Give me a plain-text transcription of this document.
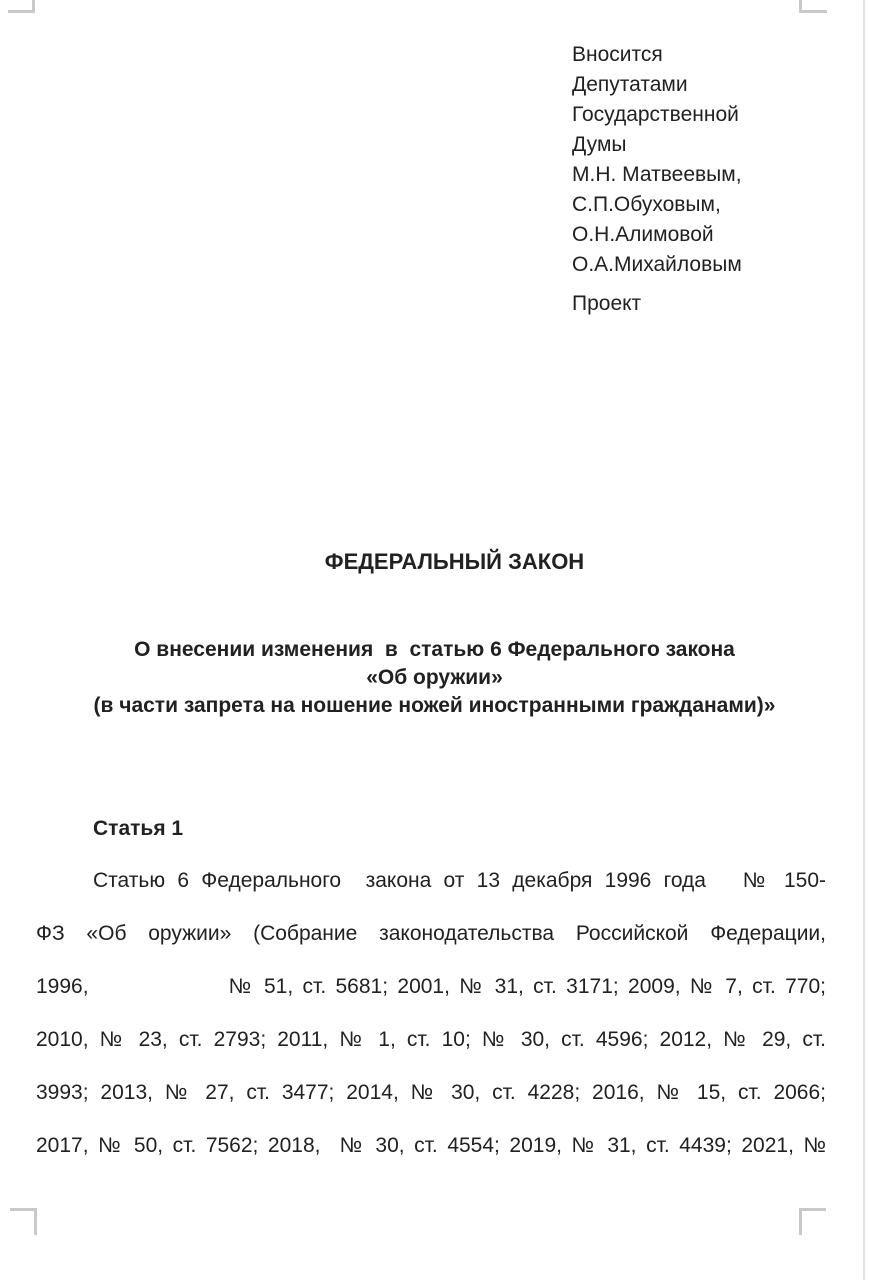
Вносится
Депутатами
Государственной
Думы
М.Н. Матвеевым,
С.П.Обуховым,
О.Н.Алимовой
О.А.Михайловым
Проект
ФЕДЕРАЛЬНЫЙ ЗАКОН
О внесении изменения  в  статью 6 Федерального закона
«Об оружии»
(в части запрета на ношение ножей иностранными гражданами)»
Статья 1
Статью 6 Федерального  закона от 13 декабря 1996 года   № 150-
ФЗ «Об оружии» (Собрание законодательства Российской Федерации,
1996,               № 51, ст. 5681; 2001, № 31, ст. 3171; 2009, № 7, ст. 770;
2010, № 23, ст. 2793; 2011, № 1, ст. 10; № 30, ст. 4596; 2012, № 29, ст.
3993; 2013, № 27, ст. 3477; 2014, № 30, ст. 4228; 2016, № 15, ст. 2066;
2017, № 50, ст. 7562; 2018,  № 30, ст. 4554; 2019, № 31, ст. 4439; 2021, №
